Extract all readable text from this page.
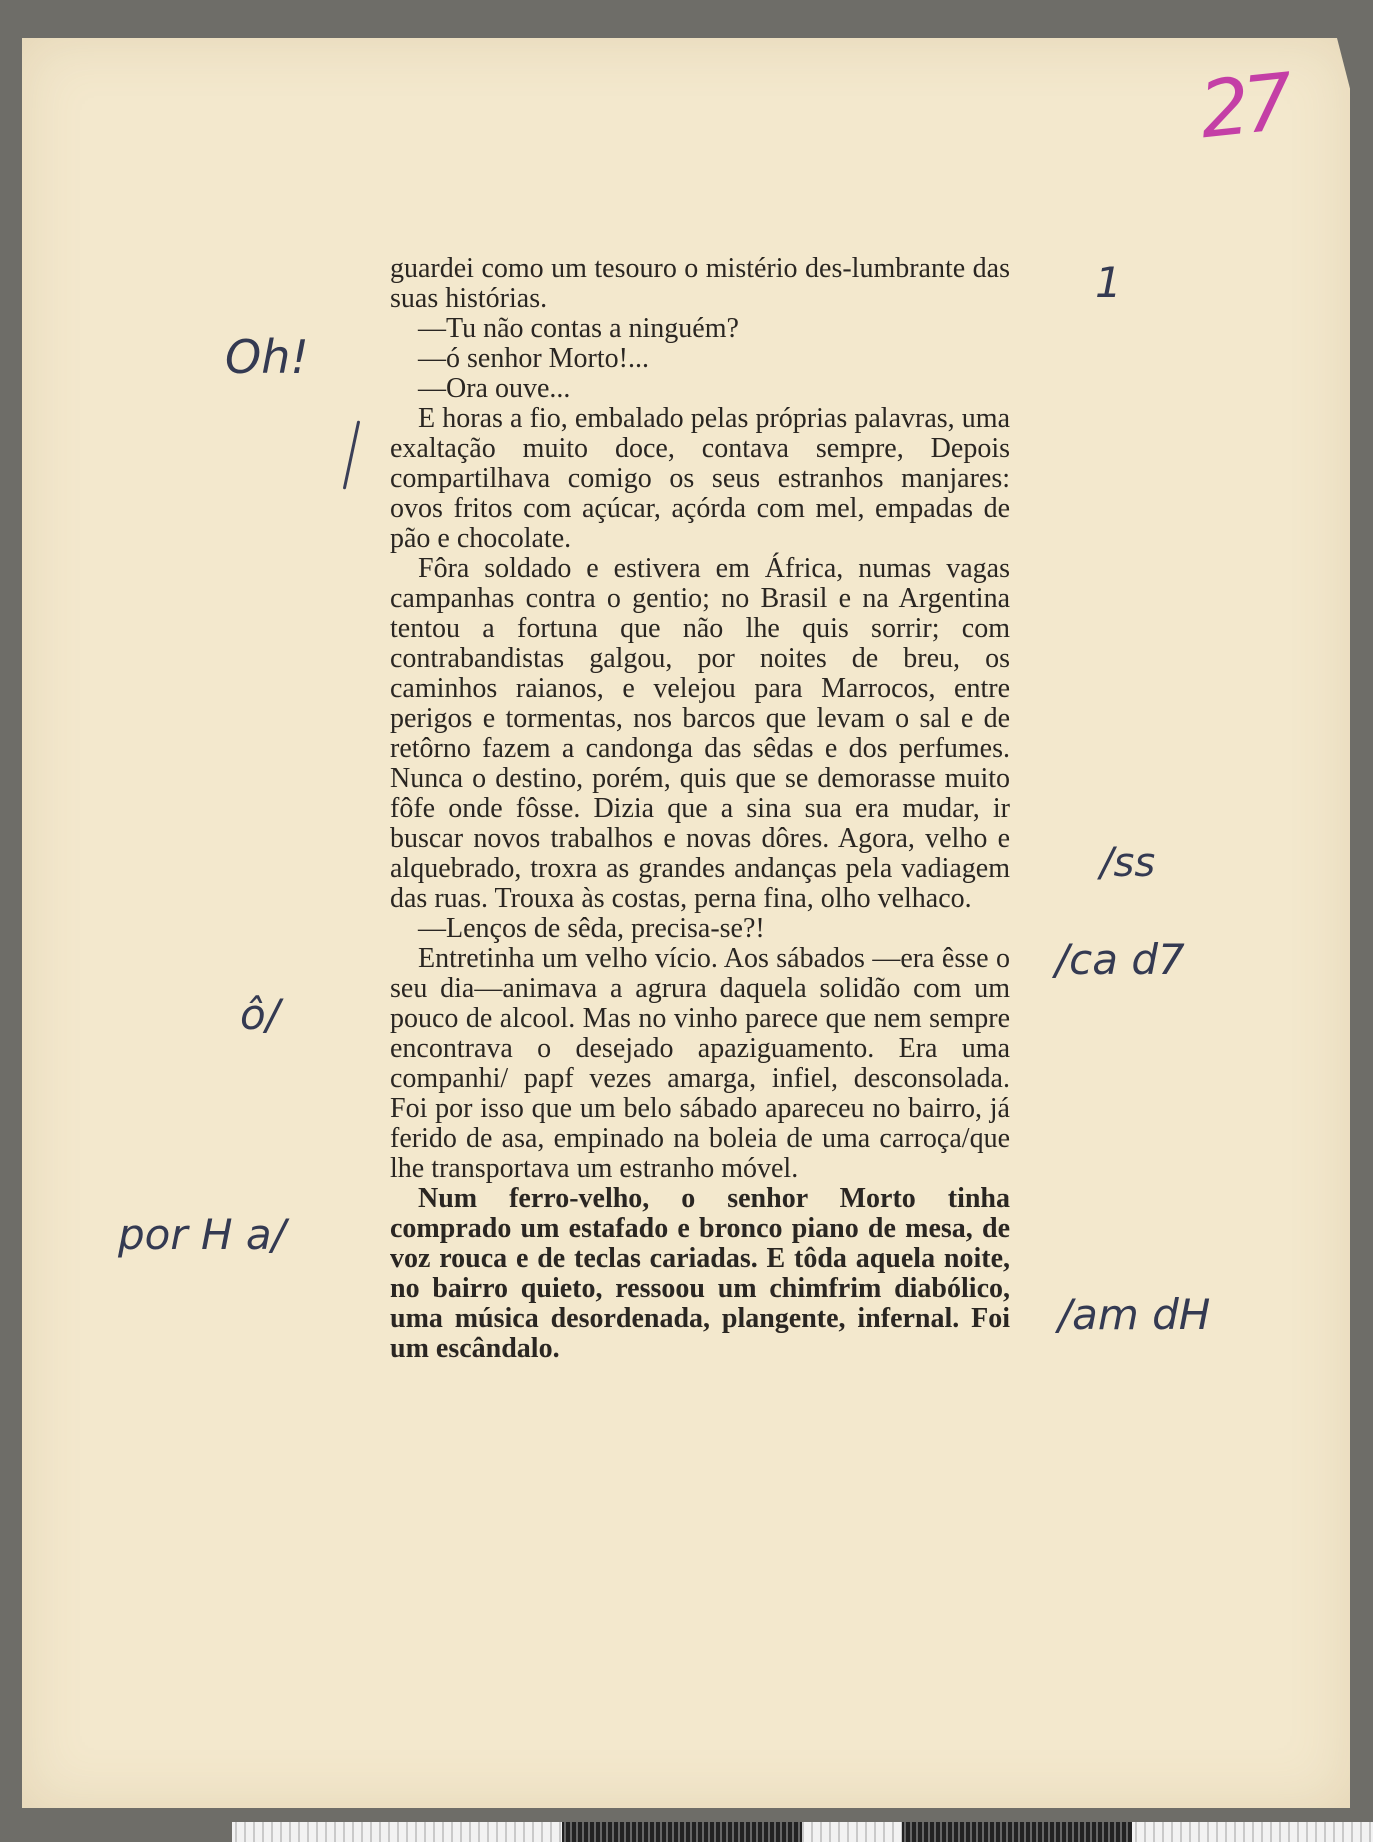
27

guardei como um tesouro o mistério des-lumbrante das suas histórias.

—Tu não contas a ninguém?

—ó senhor Morto!...

—Ora ouve...

E horas a fio, embalado pelas próprias palavras, uma exaltação muito doce, contava sempre, Depois compartilhava comigo os seus estranhos manjares: ovos fritos com açúcar, açórda com mel, empadas de pão e chocolate.

Fôra soldado e estivera em África, numas vagas campanhas contra o gentio; no Brasil e na Argentina tentou a fortuna que não lhe quis sorrir; com contrabandistas galgou, por noites de breu, os caminhos raianos, e velejou para Marrocos, entre perigos e tormentas, nos barcos que levam o sal e de retôrno fazem a candonga das sêdas e dos perfumes. Nunca o destino, porém, quis que se demorasse muito fôfe onde fôsse. Dizia que a sina sua era mudar, ir buscar novos trabalhos e novas dôres. Agora, velho e alquebrado, troxra as grandes andanças pela vadiagem das ruas. Trouxa às costas, perna fina, olho velhaco.

—Lenços de sêda, precisa-se?!

Entretinha um velho vício. Aos sábados —era êsse o seu dia—animava a agrura daquela solidão com um pouco de alcool. Mas no vinho parece que nem sempre encontrava o desejado apaziguamento. Era uma companhi/ papf vezes amarga, infiel, desconsolada. Foi por isso que um belo sábado apareceu no bairro, já ferido de asa, empinado na boleia de uma carroça/que lhe transportava um estranho móvel.

Num ferro-velho, o senhor Morto tinha comprado um estafado e bronco piano de mesa, de voz rouca e de teclas cariadas. E tôda aquela noite, no bairro quieto, ressoou um chimfrim diabólico, uma música desordenada, plangente, infernal. Foi um escândalo.

Oh!
ô/
por H a/
1
/ss
/ca d7
/am dH
